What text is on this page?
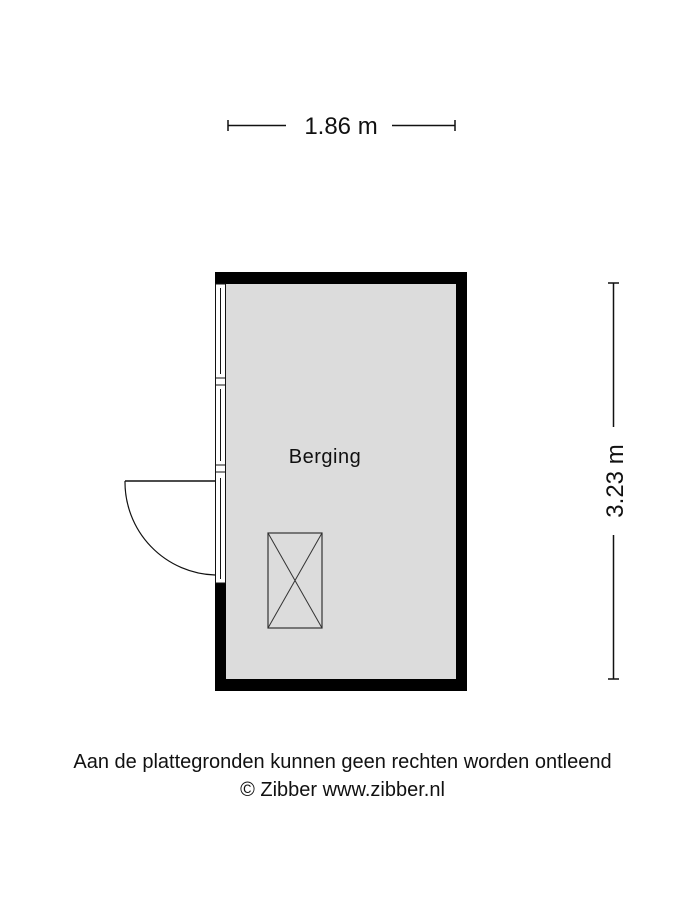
1.86 m
3.23 m
Berging
Aan de plattegronden kunnen geen rechten worden ontleend
© Zibber www.zibber.nl
